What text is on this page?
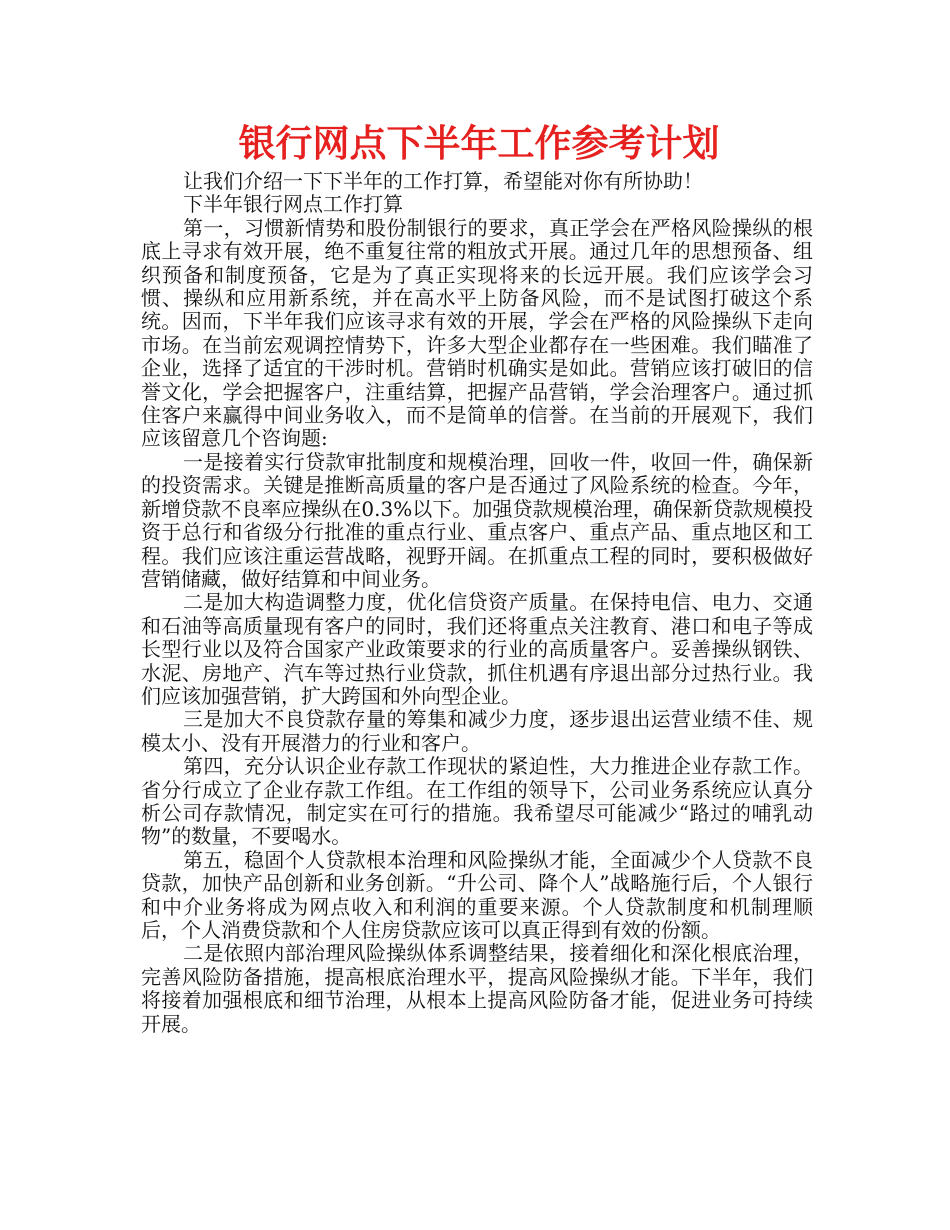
银行网点下半年工作参考计划

让我们介绍一下下半年的工作打算，希望能对你有所协助！

下半年银行网点工作打算

第一，习惯新情势和股份制银行的要求，真正学会在严格风险操纵的根底上寻求有效开展，绝不重复往常的粗放式开展。通过几年的思想预备、组织预备和制度预备，它是为了真正实现将来的长远开展。我们应该学会习惯、操纵和应用新系统，并在高水平上防备风险，而不是试图打破这个系统。因而，下半年我们应该寻求有效的开展，学会在严格的风险操纵下走向市场。在当前宏观调控情势下，许多大型企业都存在一些困难。我们瞄准了企业，选择了适宜的干涉时机。营销时机确实是如此。营销应该打破旧的信誉文化，学会把握客户，注重结算，把握产品营销，学会治理客户。通过抓住客户来赢得中间业务收入，而不是简单的信誉。在当前的开展观下，我们应该留意几个咨询题:

一是接着实行贷款审批制度和规模治理，回收一件，收回一件，确保新的投资需求。关键是推断高质量的客户是否通过了风险系统的检查。今年，新增贷款不良率应操纵在0.3%以下。加强贷款规模治理，确保新贷款规模投资于总行和省级分行批准的重点行业、重点客户、重点产品、重点地区和工程。我们应该注重运营战略，视野开阔。在抓重点工程的同时，要积极做好营销储藏，做好结算和中间业务。

二是加大构造调整力度，优化信贷资产质量。在保持电信、电力、交通和石油等高质量现有客户的同时，我们还将重点关注教育、港口和电子等成长型行业以及符合国家产业政策要求的行业的高质量客户。妥善操纵钢铁、水泥、房地产、汽车等过热行业贷款，抓住机遇有序退出部分过热行业。我们应该加强营销，扩大跨国和外向型企业。

三是加大不良贷款存量的筹集和减少力度，逐步退出运营业绩不佳、规模太小、没有开展潜力的行业和客户。

第四，充分认识企业存款工作现状的紧迫性，大力推进企业存款工作。省分行成立了企业存款工作组。在工作组的领导下，公司业务系统应认真分析公司存款情况，制定实在可行的措施。我希望尽可能减少“路过的哺乳动物”的数量，不要喝水。

第五，稳固个人贷款根本治理和风险操纵才能，全面减少个人贷款不良贷款，加快产品创新和业务创新。“升公司、降个人”战略施行后，个人银行和中介业务将成为网点收入和利润的重要来源。个人贷款制度和机制理顺后，个人消费贷款和个人住房贷款应该可以真正得到有效的份额。

二是依照内部治理风险操纵体系调整结果，接着细化和深化根底治理，完善风险防备措施，提高根底治理水平，提高风险操纵才能。下半年，我们将接着加强根底和细节治理，从根本上提高风险防备才能，促进业务可持续开展。
